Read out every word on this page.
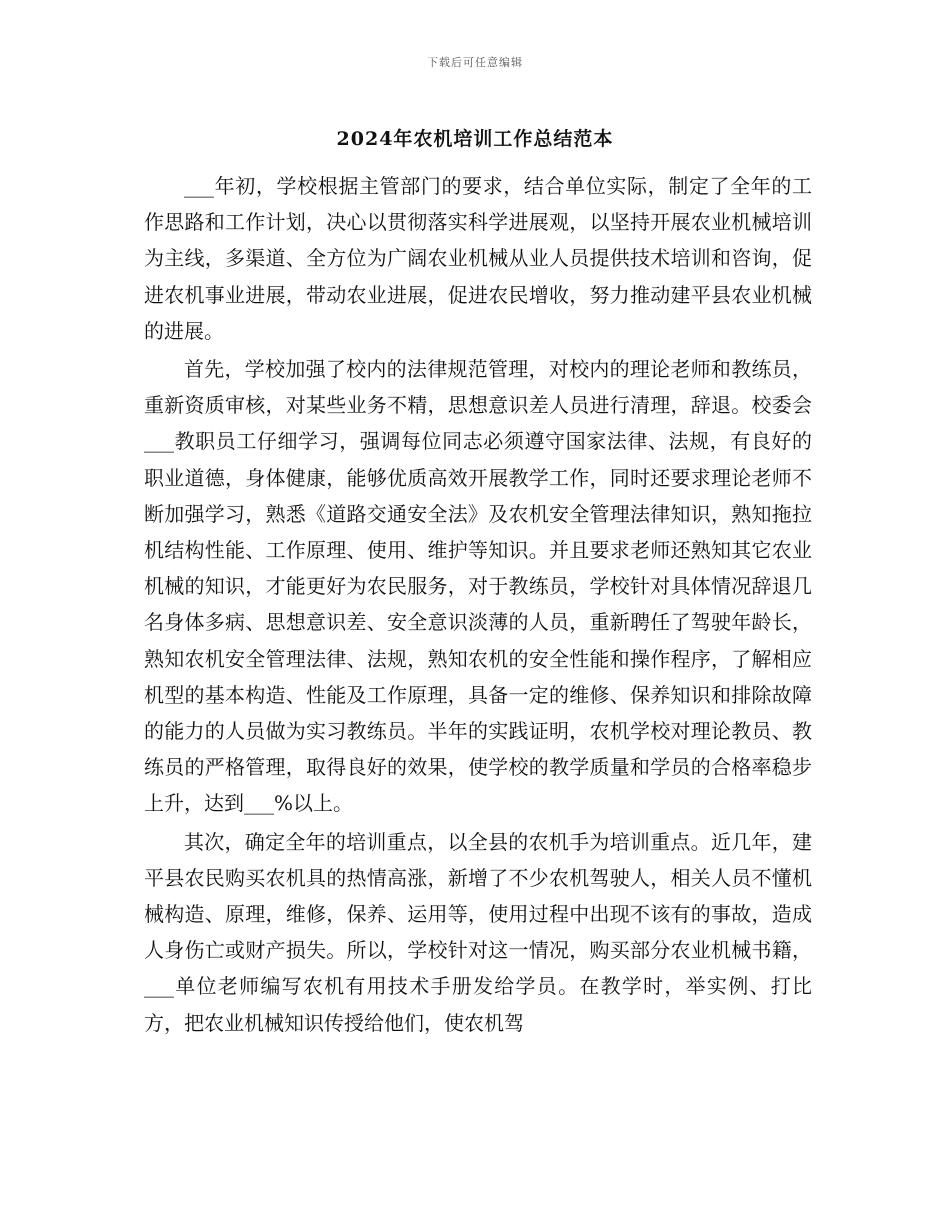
下载后可任意编辑
2024年农机培训工作总结范本

___年初，学校根据主管部门的要求，结合单位实际，制定了全年的工作思路和工作计划，决心以贯彻落实科学进展观，以坚持开展农业机械培训为主线，多渠道、全方位为广阔农业机械从业人员提供技术培训和咨询，促进农机事业进展，带动农业进展，促进农民增收，努力推动建平县农业机械的进展。

首先，学校加强了校内的法律规范管理，对校内的理论老师和教练员，重新资质审核，对某些业务不精，思想意识差人员进行清理，辞退。校委会___教职员工仔细学习，强调每位同志必须遵守国家法律、法规，有良好的职业道德，身体健康，能够优质高效开展教学工作，同时还要求理论老师不断加强学习，熟悉《道路交通安全法》及农机安全管理法律知识，熟知拖拉机结构性能、工作原理、使用、维护等知识。并且要求老师还熟知其它农业机械的知识，才能更好为农民服务，对于教练员，学校针对具体情况辞退几名身体多病、思想意识差、安全意识淡薄的人员，重新聘任了驾驶年龄长，熟知农机安全管理法律、法规，熟知农机的安全性能和操作程序，了解相应机型的基本构造、性能及工作原理，具备一定的维修、保养知识和排除故障的能力的人员做为实习教练员。半年的实践证明，农机学校对理论教员、教练员的严格管理，取得良好的效果，使学校的教学质量和学员的合格率稳步上升，达到___%以上。

其次，确定全年的培训重点，以全县的农机手为培训重点。近几年，建平县农民购买农机具的热情高涨，新增了不少农机驾驶人，相关人员不懂机械构造、原理，维修，保养、运用等，使用过程中出现不该有的事故，造成人身伤亡或财产损失。所以，学校针对这一情况，购买部分农业机械书籍，___单位老师编写农机有用技术手册发给学员。在教学时，举实例、打比方，把农业机械知识传授给他们，使农机驾
